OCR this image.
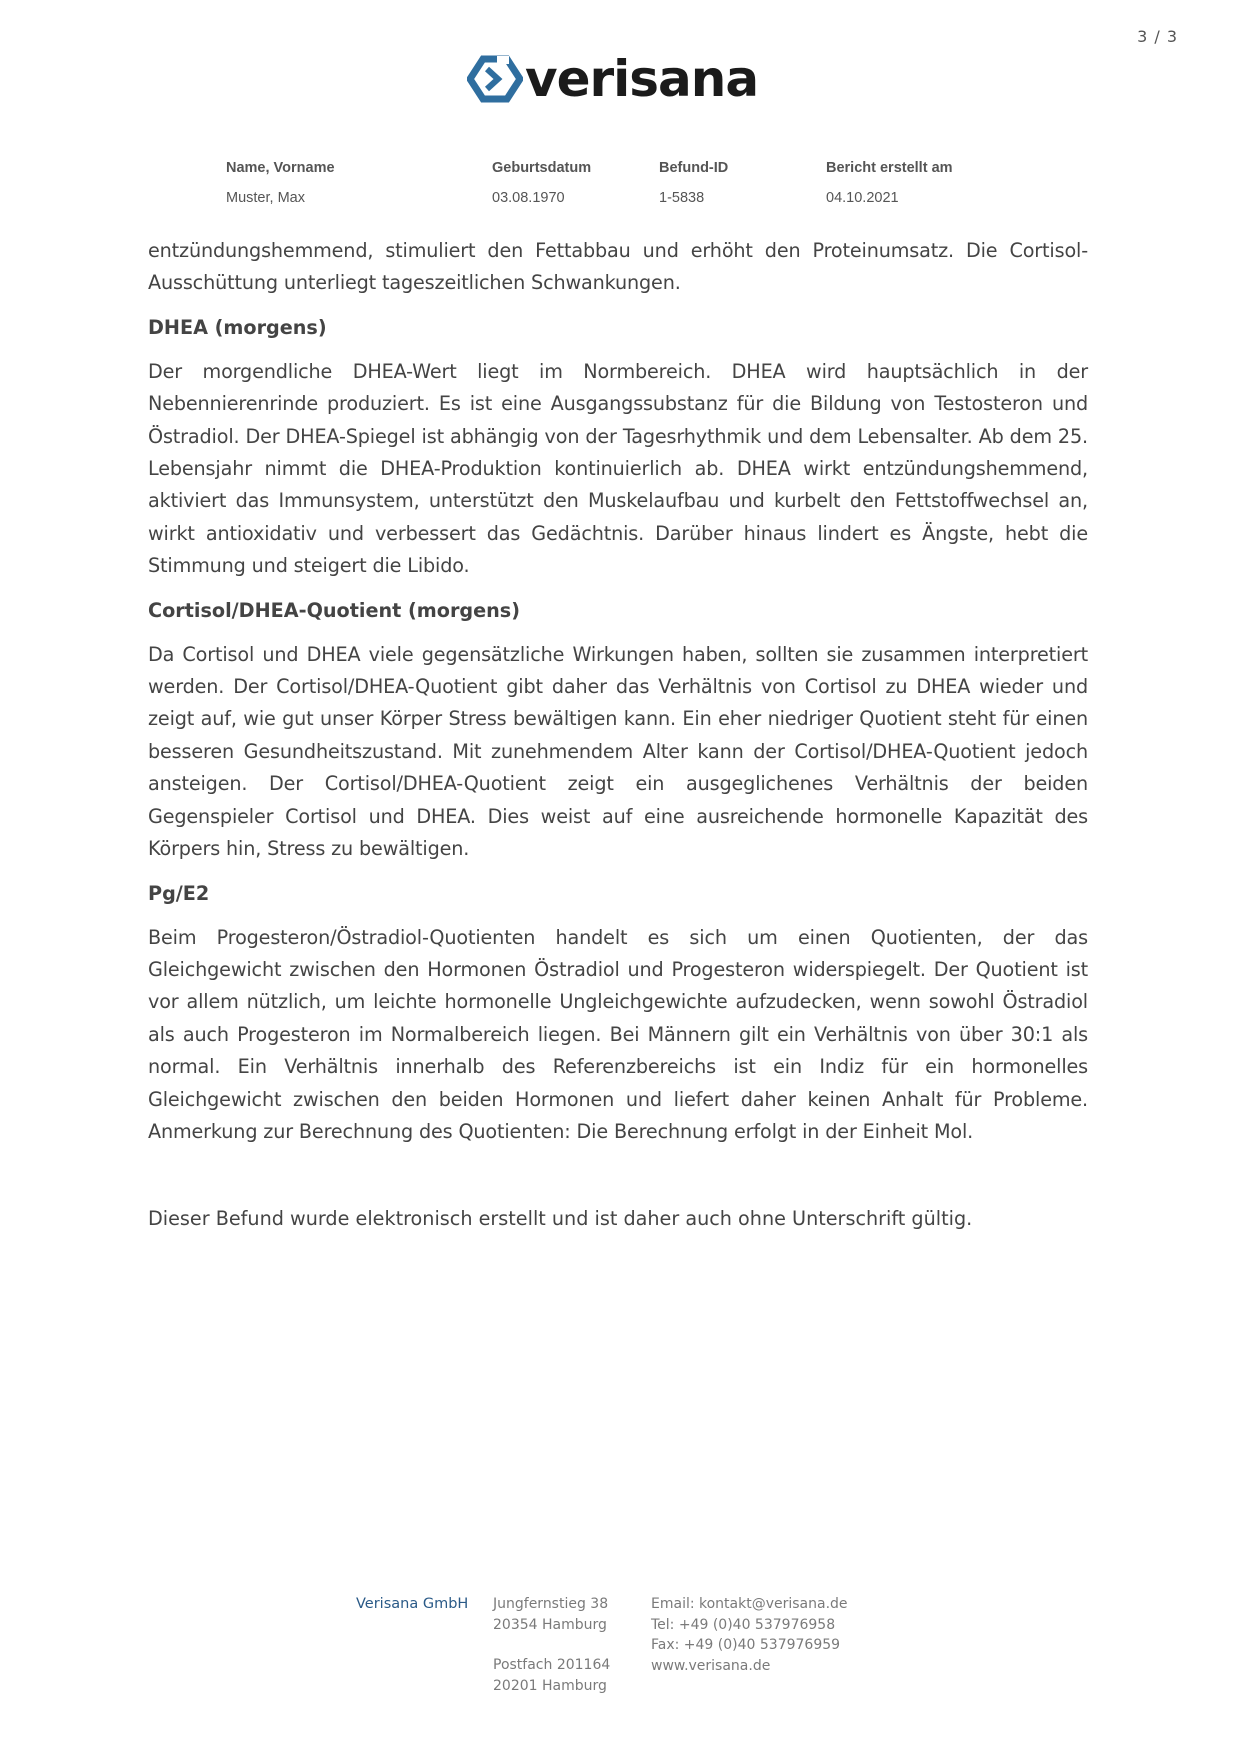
3 / 3
verisana
Name, Vorname
Muster, Max
Geburtsdatum
03.08.1970
Befund-ID
1-5838
Bericht erstellt am
04.10.2021

entzündungshemmend, stimuliert den Fettabbau und erhöht den Proteinumsatz. Die Cortisol-Ausschüttung unterliegt tageszeitlichen Schwankungen.

DHEA (morgens)

Der morgendliche DHEA-Wert liegt im Normbereich. DHEA wird hauptsächlich in der Nebennierenrinde produziert. Es ist eine Ausgangssubstanz für die Bildung von Testosteron und Östradiol. Der DHEA-Spiegel ist abhängig von der Tagesrhythmik und dem Lebensalter. Ab dem 25. Lebensjahr nimmt die DHEA-Produktion kontinuierlich ab. DHEA wirkt entzündungshemmend, aktiviert das Immunsystem, unterstützt den Muskelaufbau und kurbelt den Fettstoffwechsel an, wirkt antioxidativ und verbessert das Gedächtnis. Darüber hinaus lindert es Ängste, hebt die Stimmung und steigert die Libido.

Cortisol/DHEA-Quotient (morgens)

Da Cortisol und DHEA viele gegensätzliche Wirkungen haben, sollten sie zusammen interpretiert werden. Der Cortisol/DHEA-Quotient gibt daher das Verhältnis von Cortisol zu DHEA wieder und zeigt auf, wie gut unser Körper Stress bewältigen kann. Ein eher niedriger Quotient steht für einen besseren Gesundheitszustand. Mit zunehmendem Alter kann der Cortisol/DHEA-Quotient jedoch ansteigen. Der Cortisol/DHEA-Quotient zeigt ein ausgeglichenes Verhältnis der beiden Gegenspieler Cortisol und DHEA. Dies weist auf eine ausreichende hormonelle Kapazität des Körpers hin, Stress zu bewältigen.

Pg/E2

Beim Progesteron/Östradiol-Quotienten handelt es sich um einen Quotienten, der das Gleichgewicht zwischen den Hormonen Östradiol und Progesteron widerspiegelt. Der Quotient ist vor allem nützlich, um leichte hormonelle Ungleichgewichte aufzudecken, wenn sowohl Östradiol als auch Progesteron im Normalbereich liegen. Bei Männern gilt ein Verhältnis von über 30:1 als normal. Ein Verhältnis innerhalb des Referenzbereichs ist ein Indiz für ein hormonelles Gleichgewicht zwischen den beiden Hormonen und liefert daher keinen Anhalt für Probleme. Anmerkung zur Berechnung des Quotienten: Die Berechnung erfolgt in der Einheit Mol.

Dieser Befund wurde elektronisch erstellt und ist daher auch ohne Unterschrift gültig.

Verisana GmbH Jungfernstieg 38
20354 Hamburg
Postfach 201164
20201 Hamburg
Email: kontakt@verisana.de
Tel: +49 (0)40 537976958
Fax: +49 (0)40 537976959
www.verisana.de
